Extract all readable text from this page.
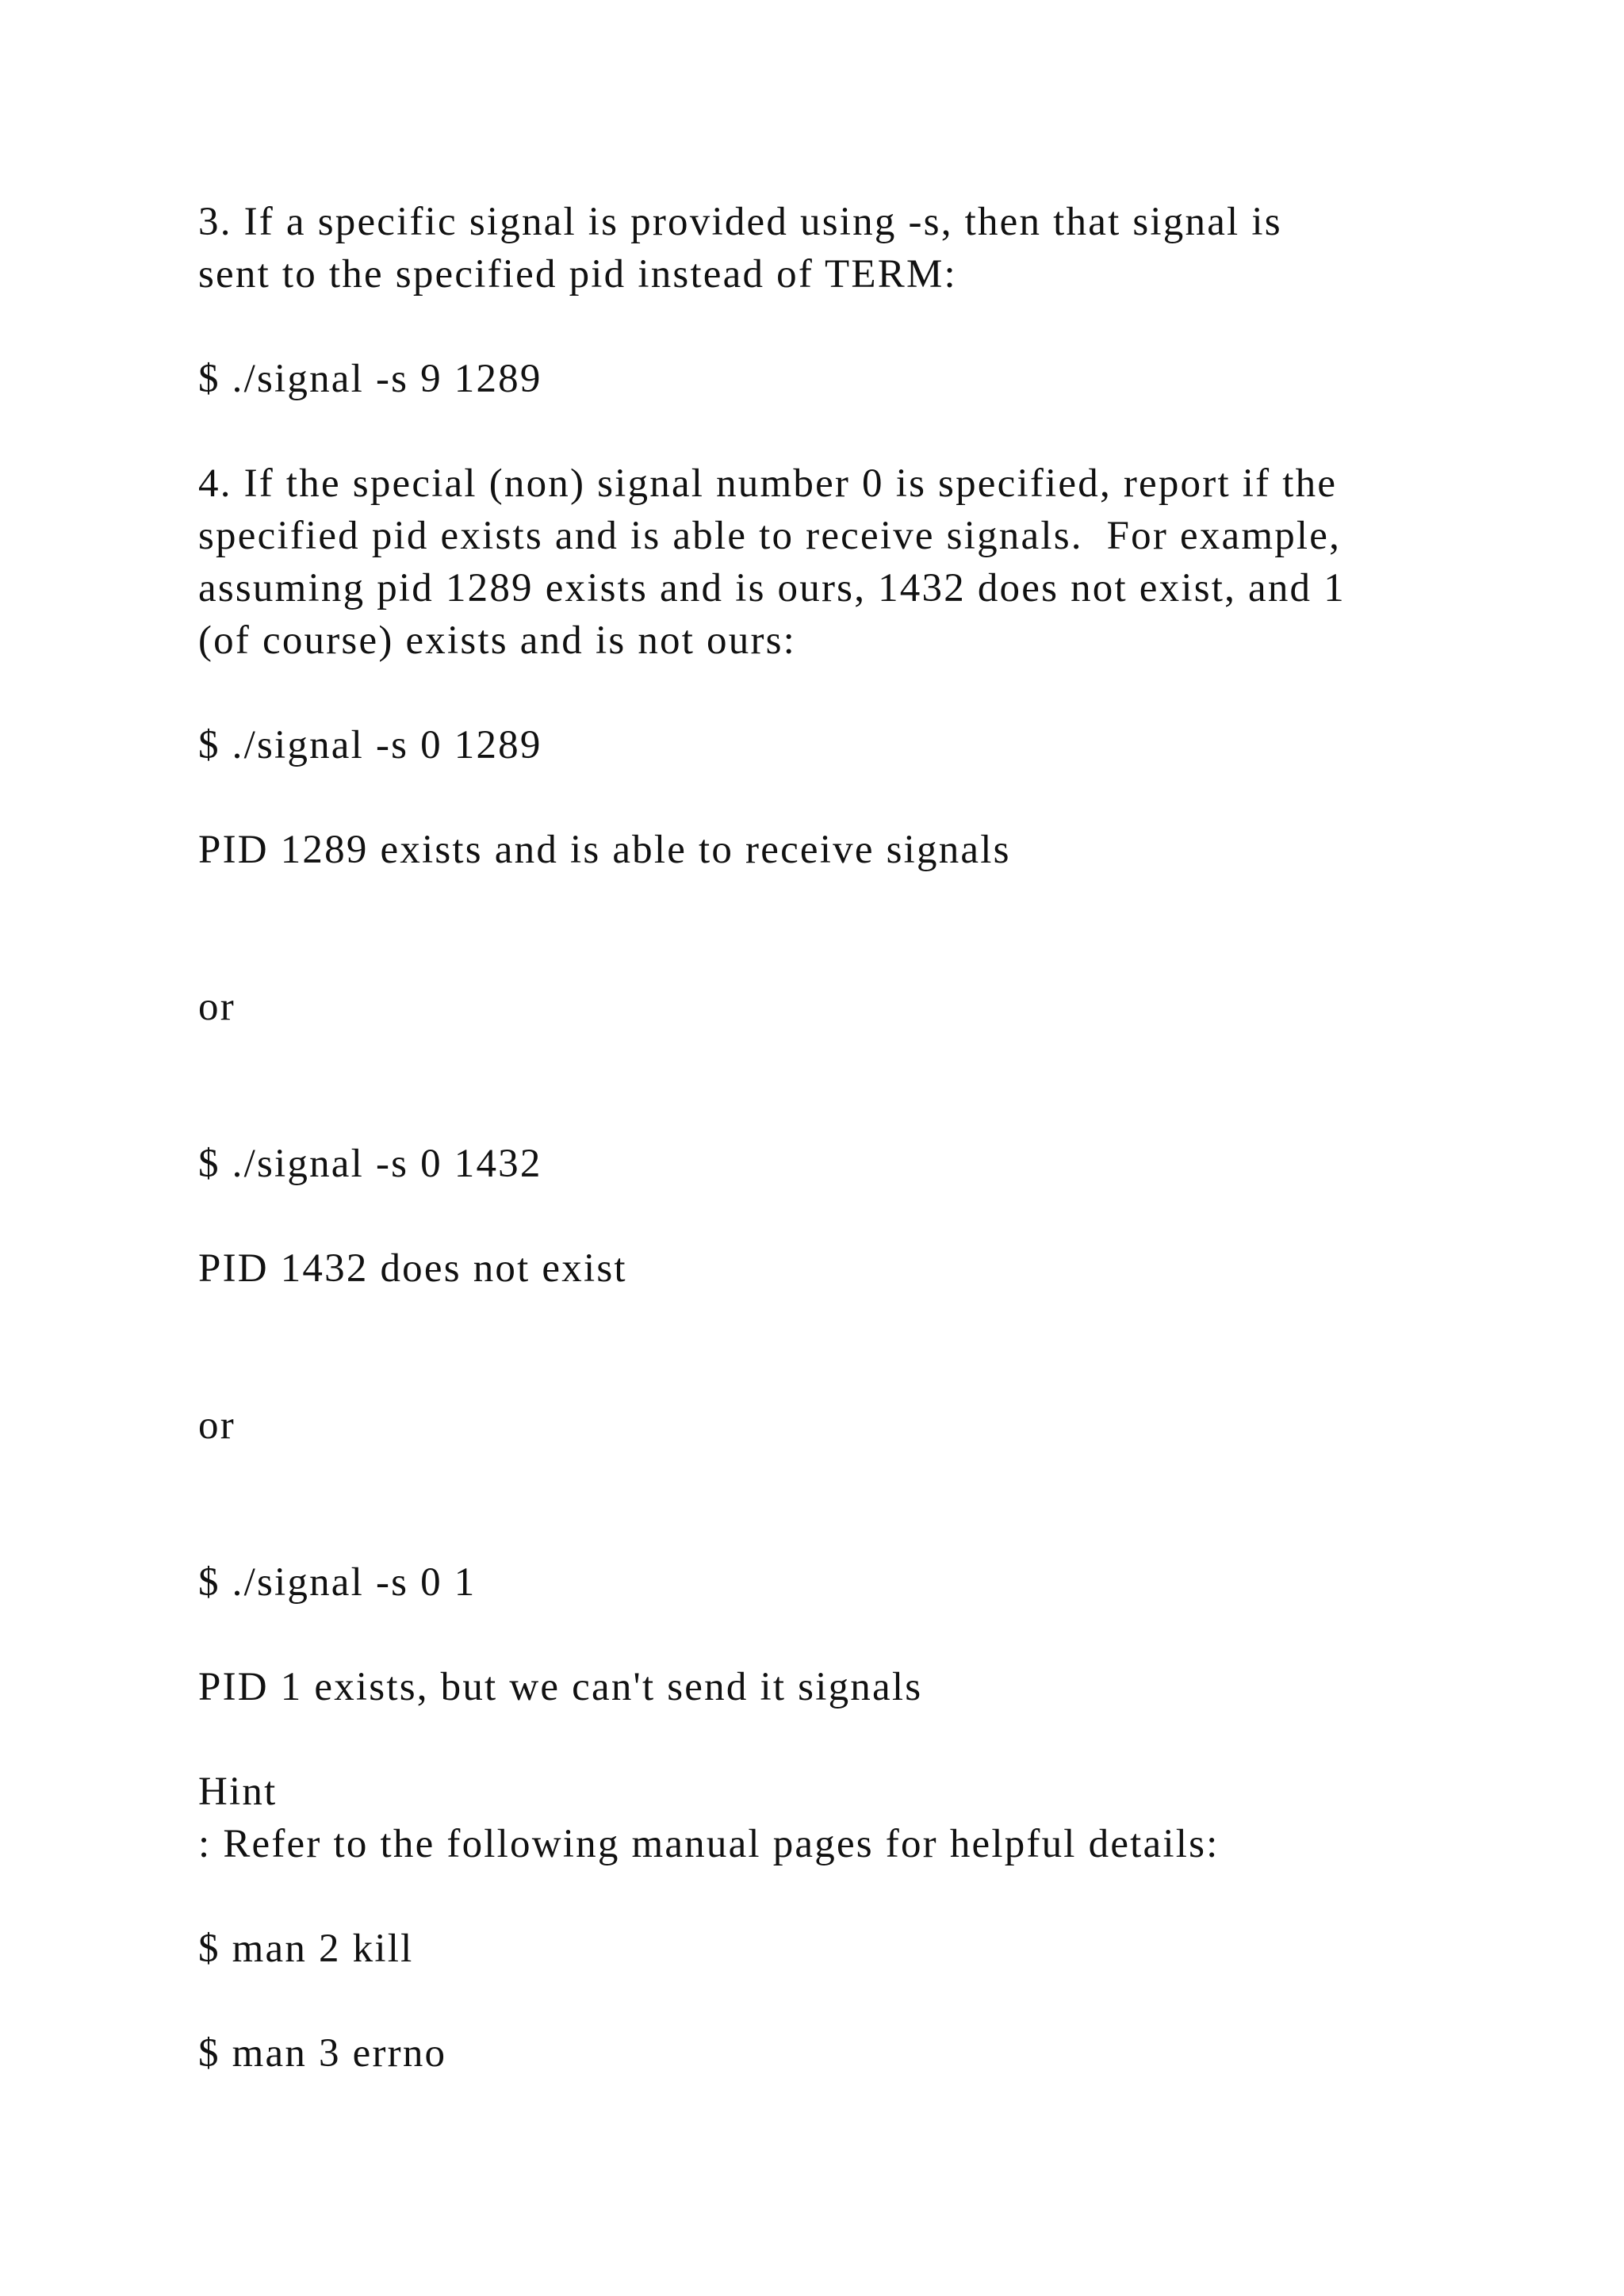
3. If a specific signal is provided using -s, then that signal is

sent to the specified pid instead of TERM:

$ ./signal -s 9 1289

4. If the special (non) signal number 0 is specified, report if the

specified pid exists and is able to receive signals.  For example,

assuming pid 1289 exists and is ours, 1432 does not exist, and 1

(of course) exists and is not ours:

$ ./signal -s 0 1289

PID 1289 exists and is able to receive signals

or

$ ./signal -s 0 1432

PID 1432 does not exist

or

$ ./signal -s 0 1

PID 1 exists, but we can't send it signals

Hint

: Refer to the following manual pages for helpful details:

$ man 2 kill

$ man 3 errno
